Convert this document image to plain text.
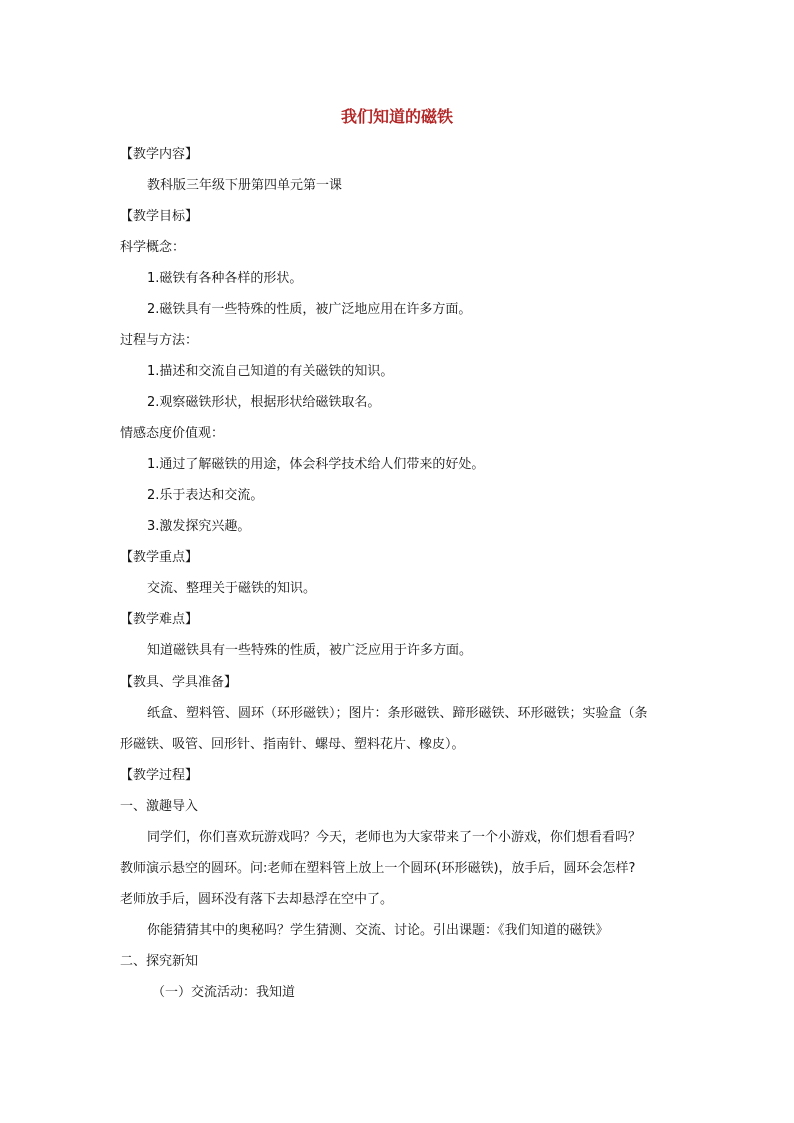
我们知道的磁铁
【教学内容】
教科版三年级下册第四单元第一课
【教学目标】
科学概念：
1.磁铁有各种各样的形状。
2.磁铁具有一些特殊的性质，被广泛地应用在许多方面。
过程与方法：
1.描述和交流自己知道的有关磁铁的知识。
2.观察磁铁形状，根据形状给磁铁取名。
情感态度价值观：
1.通过了解磁铁的用途，体会科学技术给人们带来的好处。
2.乐于表达和交流。
3.激发探究兴趣。
【教学重点】
交流、整理关于磁铁的知识。
【教学难点】
知道磁铁具有一些特殊的性质，被广泛应用于许多方面。
【教具、学具准备】
纸盒、塑料管、圆环（环形磁铁）；图片：条形磁铁、蹄形磁铁、环形磁铁；实验盒（条
形磁铁、吸管、回形针、指南针、螺母、塑料花片、橡皮）。
【教学过程】
一、激趣导入
同学们，你们喜欢玩游戏吗？今天，老师也为大家带来了一个小游戏，你们想看看吗？
教师演示悬空的圆环。问:老师在塑料管上放上一个圆环(环形磁铁)，放手后，圆环会怎样?
老师放手后，圆环没有落下去却悬浮在空中了。
你能猜猜其中的奥秘吗？学生猜测、交流、讨论。引出课题：《我们知道的磁铁》
二、探究新知
（一）交流活动：我知道
